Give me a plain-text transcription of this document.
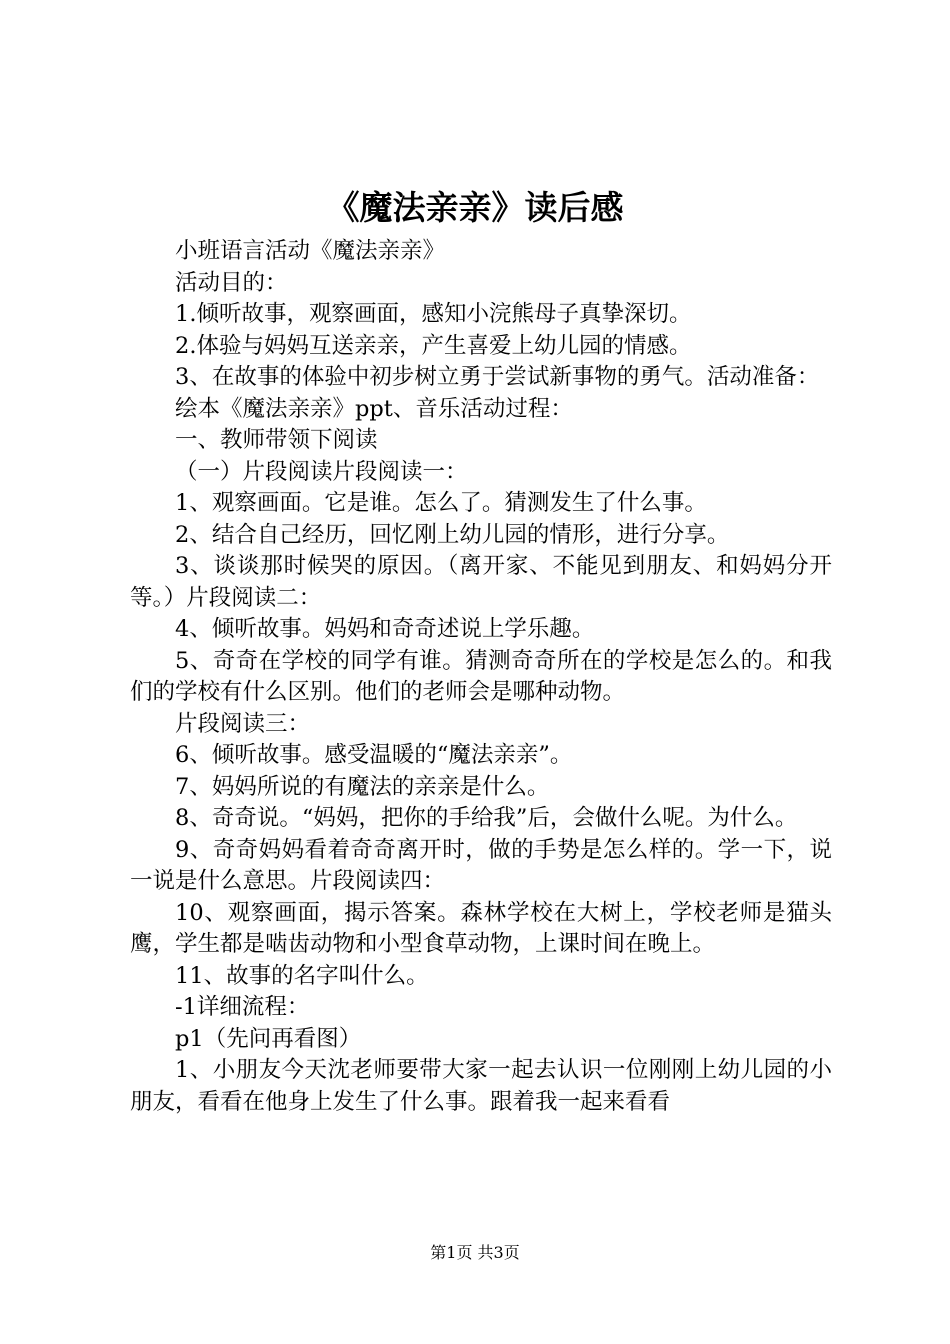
《魔法亲亲》读后感

小班语言活动《魔法亲亲》

活动目的：

1.倾听故事，观察画面，感知小浣熊母子真挚深切。

2.体验与妈妈互送亲亲，产生喜爱上幼儿园的情感。

3、在故事的体验中初步树立勇于尝试新事物的勇气。活动准备：

绘本《魔法亲亲》ppt、音乐活动过程：

一、教师带领下阅读

（一）片段阅读片段阅读一：

1、观察画面。它是谁。怎么了。猜测发生了什么事。

2、结合自己经历，回忆刚上幼儿园的情形，进行分享。

3、谈谈那时候哭的原因。（离开家、不能见到朋友、和妈妈分开等。）片段阅读二：

4、倾听故事。妈妈和奇奇述说上学乐趣。

5、奇奇在学校的同学有谁。猜测奇奇所在的学校是怎么的。和我们的学校有什么区别。他们的老师会是哪种动物。

片段阅读三：

6、倾听故事。感受温暖的“魔法亲亲”。

7、妈妈所说的有魔法的亲亲是什么。

8、奇奇说。“妈妈，把你的手给我”后，会做什么呢。为什么。

9、奇奇妈妈看着奇奇离开时，做的手势是怎么样的。学一下，说一说是什么意思。片段阅读四：

10、观察画面，揭示答案。森林学校在大树上，学校老师是猫头鹰，学生都是啮齿动物和小型食草动物，上课时间在晚上。

11、故事的名字叫什么。

-1详细流程：

p1（先问再看图）

1、小朋友今天沈老师要带大家一起去认识一位刚刚上幼儿园的小朋友，看看在他身上发生了什么事。跟着我一起来看看

第1页 共3页
